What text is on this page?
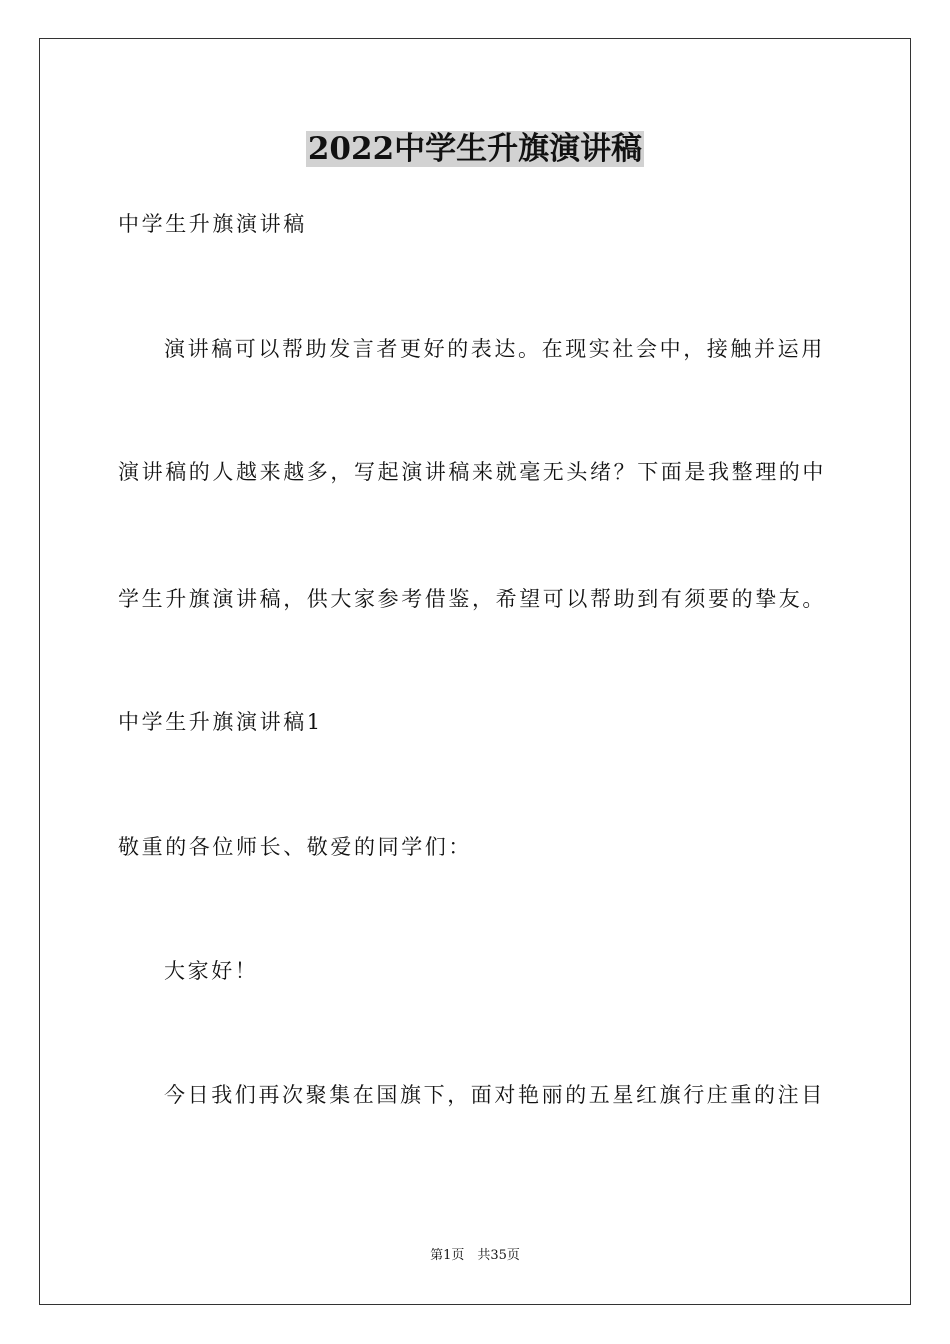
2022中学生升旗演讲稿

中学生升旗演讲稿

演讲稿可以帮助发言者更好的表达。在现实社会中，接触并运用

演讲稿的人越来越多，写起演讲稿来就毫无头绪？下面是我整理的中

学生升旗演讲稿，供大家参考借鉴，希望可以帮助到有须要的挚友。

中学生升旗演讲稿1

敬重的各位师长、敬爱的同学们：

大家好！

今日我们再次聚集在国旗下，面对艳丽的五星红旗行庄重的注目

第1页　共35页
